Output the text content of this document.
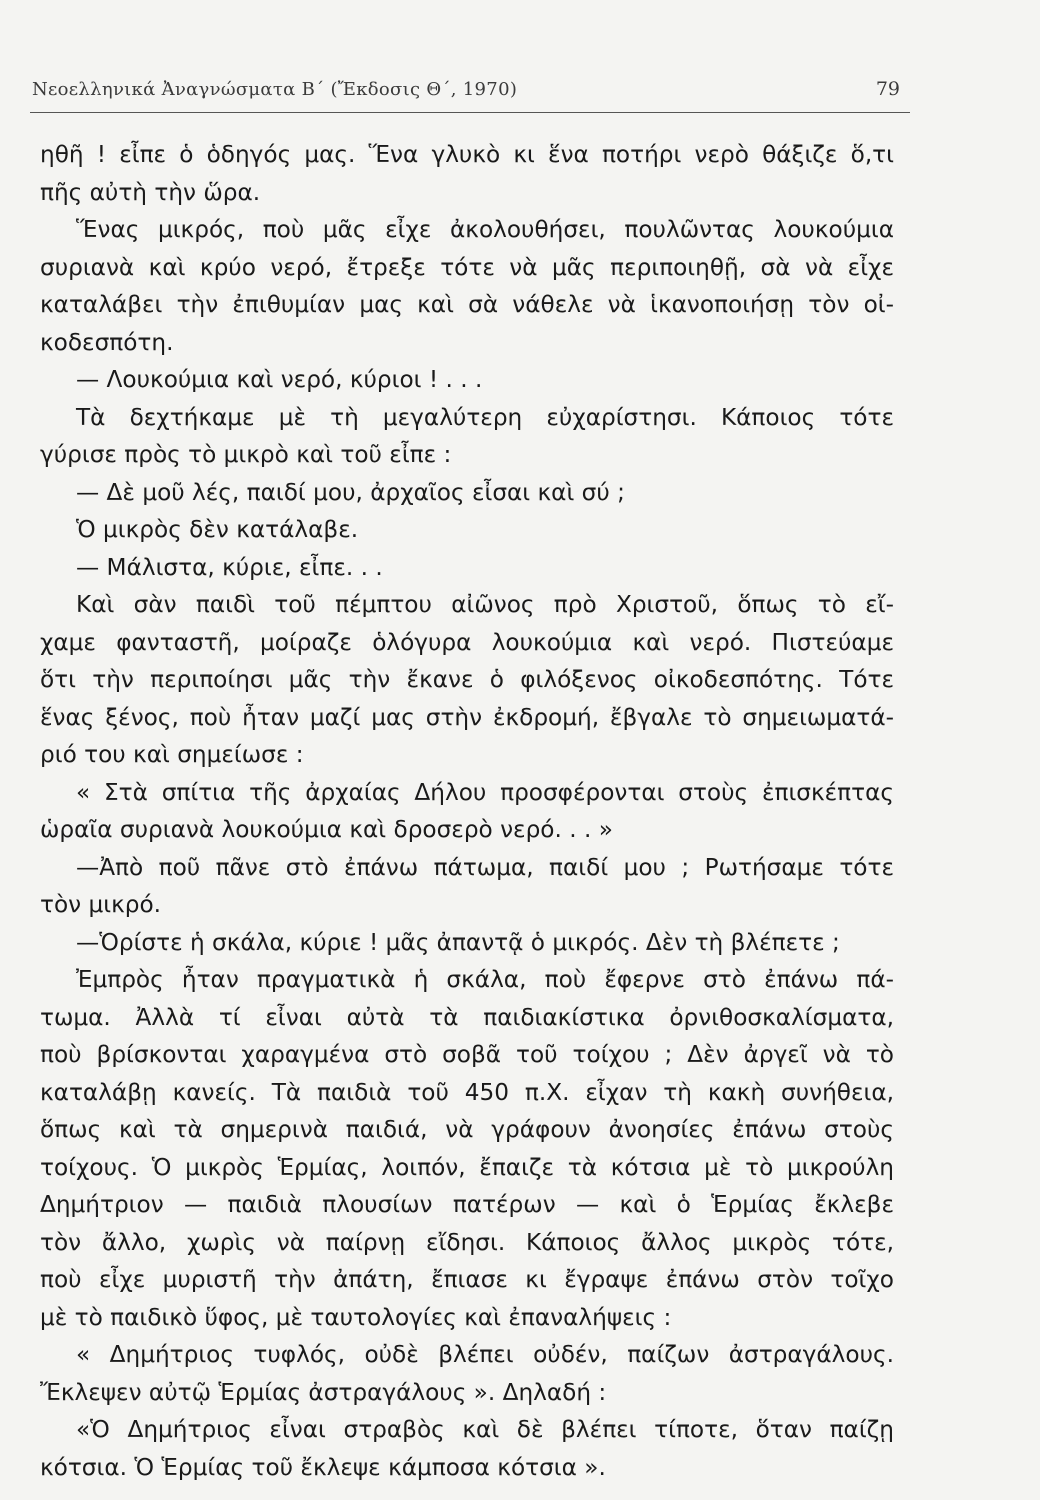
Νεοελληνικά Ἀναγνώσματα Β΄ (Ἔκδοσις Θ΄, 1970)	79
ηθῆ ! εἶπε ὁ ὁδηγός μας. Ἕνα γλυκὸ κι ἕνα ποτήρι νερὸ θάξιζε ὅ,τι
πῆς αὐτὴ τὴν ὥρα.
Ἕνας μικρός, ποὺ μᾶς εἶχε ἀκολουθήσει, πουλῶντας λουκούμια
συριανὰ καὶ κρύο νερό, ἔτρεξε τότε νὰ μᾶς περιποιηθῇ, σὰ νὰ εἶχε
καταλάβει τὴν ἐπιθυμίαν μας καὶ σὰ νάθελε νὰ ἱκανοποιήσῃ τὸν οἰ-
κοδεσπότη.
— Λουκούμια καὶ νερό, κύριοι ! . . .
Τὰ δεχτήκαμε μὲ τὴ μεγαλύτερη εὐχαρίστησι. Κάποιος τότε
γύρισε πρὸς τὸ μικρὸ καὶ τοῦ εἶπε :
— Δὲ μοῦ λές, παιδί μου, ἀρχαῖος εἶσαι καὶ σύ ;
Ὁ μικρὸς δὲν κατάλαβε.
— Μάλιστα, κύριε, εἶπε. . .
Καὶ σὰν παιδὶ τοῦ πέμπτου αἰῶνος πρὸ Χριστοῦ, ὅπως τὸ εἴ-
χαμε φανταστῆ, μοίραζε ὁλόγυρα λουκούμια καὶ νερό. Πιστεύαμε
ὅτι τὴν περιποίησι μᾶς τὴν ἔκανε ὁ φιλόξενος οἰκοδεσπότης. Τότε
ἕνας ξένος, ποὺ ἦταν μαζί μας στὴν ἐκδρομή, ἔβγαλε τὸ σημειωματά-
ριό του καὶ σημείωσε :
« Στὰ σπίτια τῆς ἀρχαίας Δήλου προσφέρονται στοὺς ἐπισκέπτας
ὡραῖα συριανὰ λουκούμια καὶ δροσερὸ νερό. . . »
—Ἀπὸ ποῦ πᾶνε στὸ ἐπάνω πάτωμα, παιδί μου ; Ρωτήσαμε τότε
τὸν μικρό.
—Ὁρίστε ἡ σκάλα, κύριε ! μᾶς ἀπαντᾷ ὁ μικρός. Δὲν τὴ βλέπετε ;
Ἐμπρὸς ἦταν πραγματικὰ ἡ σκάλα, ποὺ ἔφερνε στὸ ἐπάνω πά-
τωμα. Ἀλλὰ τί εἶναι αὐτὰ τὰ παιδιακίστικα ὀρνιθοσκαλίσματα,
ποὺ βρίσκονται χαραγμένα στὸ σοβᾶ τοῦ τοίχου ; Δὲν ἀργεῖ νὰ τὸ
καταλάβῃ κανείς. Τὰ παιδιὰ τοῦ 450 π.Χ. εἶχαν τὴ κακὴ συνήθεια,
ὅπως καὶ τὰ σημερινὰ παιδιά, νὰ γράφουν ἀνοησίες ἐπάνω στοὺς
τοίχους. Ὁ μικρὸς Ἑρμίας, λοιπόν, ἔπαιζε τὰ κότσια μὲ τὸ μικρούλη
Δημήτριον — παιδιὰ πλουσίων πατέρων — καὶ ὁ Ἑρμίας ἔκλεβε
τὸν ἄλλο, χωρὶς νὰ παίρνῃ εἴδησι. Κάποιος ἄλλος μικρὸς τότε,
ποὺ εἶχε μυριστῆ τὴν ἀπάτη, ἔπιασε κι ἔγραψε ἐπάνω στὸν τοῖχο
μὲ τὸ παιδικὸ ὕφος, μὲ ταυτολογίες καὶ ἐπαναλήψεις :
« Δημήτριος τυφλός, οὐδὲ βλέπει οὐδέν, παίζων ἀστραγάλους.
Ἔκλεψεν αὐτῷ Ἑρμίας ἀστραγάλους ». Δηλαδή :
«Ὁ Δημήτριος εἶναι στραβὸς καὶ δὲ βλέπει τίποτε, ὅταν παίζῃ
κότσια. Ὁ Ἑρμίας τοῦ ἔκλεψε κάμποσα κότσια ».
